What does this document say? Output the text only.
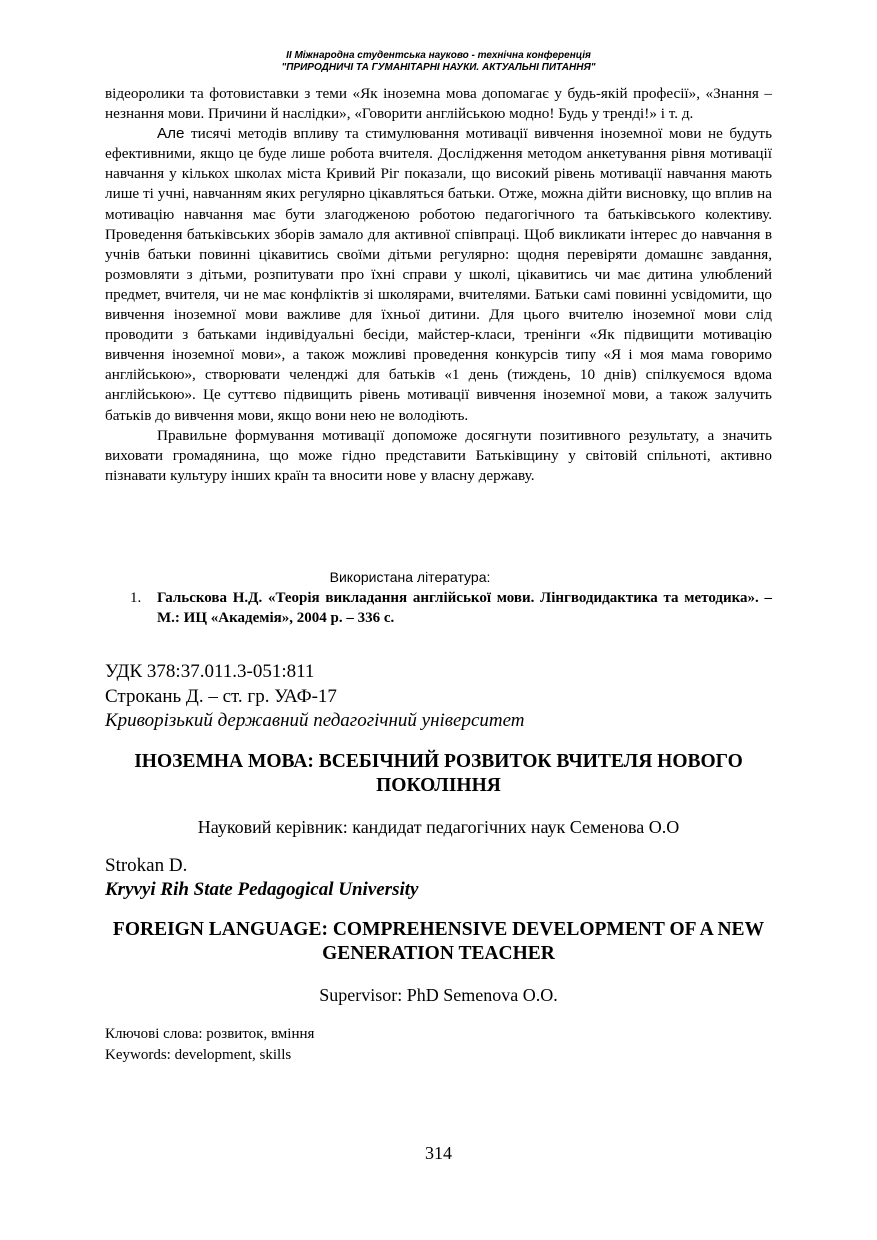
II Міжнародна студентська науково - технічна конференція
"ПРИРОДНИЧІ ТА ГУМАНІТАРНІ НАУКИ. АКТУАЛЬНІ ПИТАННЯ"

відеоролики та фотовиставки з теми «Як іноземна мова допомагає у будь-якій професії», «Знання – незнання мови. Причини й наслідки», «Говорити англійською модно! Будь у тренді!» і т. д.

Але тисячі методів впливу та стимулювання мотивації вивчення іноземної мови не будуть ефективними, якщо це буде лише робота вчителя. Дослідження методом анкетування рівня мотивації навчання у кількох школах міста Кривий Ріг показали, що високий рівень мотивації навчання мають лише ті учні, навчанням яких регулярно цікавляться батьки. Отже, можна дійти висновку, що вплив на мотивацію навчання має бути злагодженою роботою педагогічного та батьківського колективу. Проведення батьківських зборів замало для активної співпраці. Щоб викликати інтерес до навчання в учнів батьки повинні цікавитись своїми дітьми регулярно: щодня перевіряти домашнє завдання, розмовляти з дітьми, розпитувати про їхні справи у школі, цікавитись чи має дитина улюблений предмет, вчителя, чи не має конфліктів зі школярами, вчителями. Батьки самі повинні усвідомити, що вивчення іноземної мови важливе для їхньої дитини. Для цього вчителю іноземної мови слід проводити з батьками індивідуальні бесіди, майстер-класи, тренінги «Як підвищити мотивацію вивчення іноземної мови», а також можливі проведення конкурсів типу «Я і моя мама говоримо англійською», створювати челенджі для батьків «1 день (тиждень, 10 днів) спілкуємося вдома англійською». Це суттєво підвищить рівень мотивації вивчення іноземної мови, а також залучить батьків до вивчення мови, якщо вони нею не володіють.

Правильне формування мотивації допоможе досягнути позитивного результату, а значить виховати громадянина, що може гідно представити Батьківщину у світовій спільноті, активно пізнавати культуру інших країн та вносити нове у власну державу.

Використана література:
1. Гальскова Н.Д. «Теорія викладання англійської мови. Лінгводидактика та методика». – М.: ИЦ «Академія», 2004 р. – 336 с.
УДК 378:37.011.3-051:811
Строкань Д. – ст. гр. УАФ-17
Криворізький державний педагогічний університет
ІНОЗЕМНА МОВА: ВСЕБІЧНИЙ РОЗВИТОК ВЧИТЕЛЯ НОВОГО ПОКОЛІННЯ
Науковий керівник: кандидат педагогічних наук Семенова О.О
Strokan D.
Kryvyi Rih State Pedagogical University
FOREIGN LANGUAGE: COMPREHENSIVE DEVELOPMENT OF A NEW GENERATION TEACHER
Supervisor: PhD Semenova O.O.
Ключові слова: розвиток, вміння
Keywords: development, skills
314
